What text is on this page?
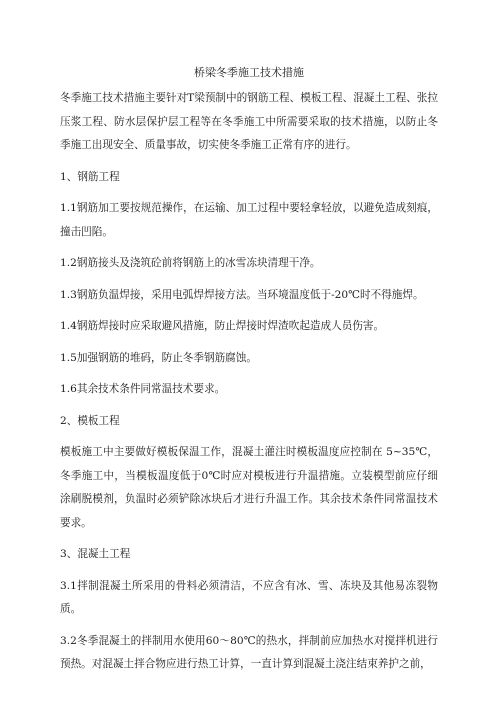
桥梁冬季施工技术措施
冬季施工技术措施主要针对T梁预制中的钢筋工程、模板工程、混凝土工程、张拉压浆工程、防水层保护层工程等在冬季施工中所需要采取的技术措施，以防止冬季施工出现安全、质量事故，切实使冬季施工正常有序的进行。
1、钢筋工程
1.1钢筋加工要按规范操作，在运输、加工过程中要轻拿轻放，以避免造成刻痕，撞击凹陷。
1.2钢筋接头及浇筑砼前将钢筋上的冰雪冻块清理干净。
1.3钢筋负温焊接，采用电弧焊焊接方法。当环境温度低于-20℃时不得施焊。
1.4钢筋焊接时应采取避风措施，防止焊接时焊渣吹起造成人员伤害。
1.5加强钢筋的堆码，防止冬季钢筋腐蚀。
1.6其余技术条件同常温技术要求。
2、模板工程
模板施工中主要做好模板保温工作，混凝土灌注时模板温度应控制在 5~35℃，冬季施工中，当模板温度低于0℃时应对模板进行升温措施。立装模型前应仔细涂刷脱模剂，负温时必须铲除冰块后才进行升温工作。其余技术条件同常温技术要求。
3、混凝土工程
3.1拌制混凝土所采用的骨料必须清洁，不应含有冰、雪、冻块及其他易冻裂物质。
3.2冬季混凝土的拌制用水使用60～80℃的热水，拌制前应加热水对搅拌机进行预热。对混凝土拌合物应进行热工计算，一直计算到混凝土浇注结束养护之前，
